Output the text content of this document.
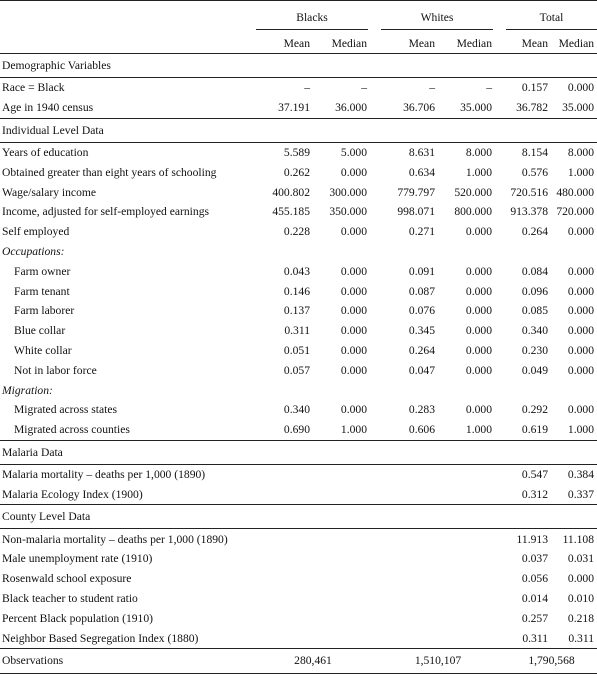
	Blacks			Whites			Total	

	Mean	Median		Mean	Median		Mean	Median
Demographic Variables								
Race = Black	–	–		–	–		0.157	0.000
Age in 1940 census	37.191	36.000		36.706	35.000		36.782	35.000
Individual Level Data								
Years of education	5.589	5.000		8.631	8.000		8.154	8.000
Obtained greater than eight years of schooling	0.262	0.000		0.634	1.000		0.576	1.000
Wage/salary income	400.802	300.000		779.797	520.000		720.516	480.000
Income, adjusted for self-employed earnings	455.185	350.000		998.071	800.000		913.378	720.000
Self employed	0.228	0.000		0.271	0.000		0.264	0.000
Occupations:								
Farm owner	0.043	0.000		0.091	0.000		0.084	0.000
Farm tenant	0.146	0.000		0.087	0.000		0.096	0.000
Farm laborer	0.137	0.000		0.076	0.000		0.085	0.000
Blue collar	0.311	0.000		0.345	0.000		0.340	0.000
White collar	0.051	0.000		0.264	0.000		0.230	0.000
Not in labor force	0.057	0.000		0.047	0.000		0.049	0.000
Migration:								
Migrated across states	0.340	0.000		0.283	0.000		0.292	0.000
Migrated across counties	0.690	1.000		0.606	1.000		0.619	1.000
Malaria Data								
Malaria mortality – deaths per 1,000 (1890)							0.547	0.384
Malaria Ecology Index (1900)							0.312	0.337
County Level Data								
Non-malaria mortality – deaths per 1,000 (1890)							11.913	11.108
Male unemployment rate (1910)							0.037	0.031
Rosenwald school exposure							0.056	0.000
Black teacher to student ratio							0.014	0.010
Percent Black population (1910)							0.257	0.218
Neighbor Based Segregation Index (1880)							0.311	0.311
Observations	280,461			1,510,107			1,790,568	
